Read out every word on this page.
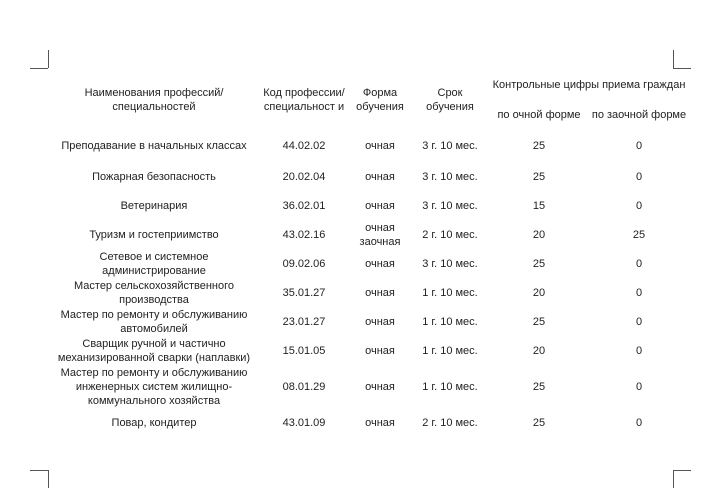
Наименования профессий/ специальностей	Код профессии/ специальност и	Форма обучения	Срок обучения	Контрольные цифры приема граждан	
				по очной форме	по заочной форме
Преподавание в начальных классах	44.02.02	очная	3 г. 10 мес.	25	0
Пожарная безопасность	20.02.04	очная	3 г. 10 мес.	25	0
Ветеринария	36.02.01	очная	3 г. 10 мес.	15	0
Туризм и гостеприимство	43.02.16	очная заочная	2 г. 10 мес.	20	25
Сетевое и системное администрирование	09.02.06	очная	3 г. 10 мес.	25	0
Мастер сельскохозяйственного производства	35.01.27	очная	1 г. 10 мес.	20	0
Мастер по ремонту и обслуживанию автомобилей	23.01.27	очная	1 г. 10 мес.	25	0
Сварщик ручной и частично механизированной сварки (наплавки)	15.01.05	очная	1 г. 10 мес.	20	0
Мастер по ремонту и обслуживанию инженерных систем жилищно-коммунального хозяйства	08.01.29	очная	1 г. 10 мес.	25	0
Повар, кондитер	43.01.09	очная	2 г. 10 мес.	25	0
